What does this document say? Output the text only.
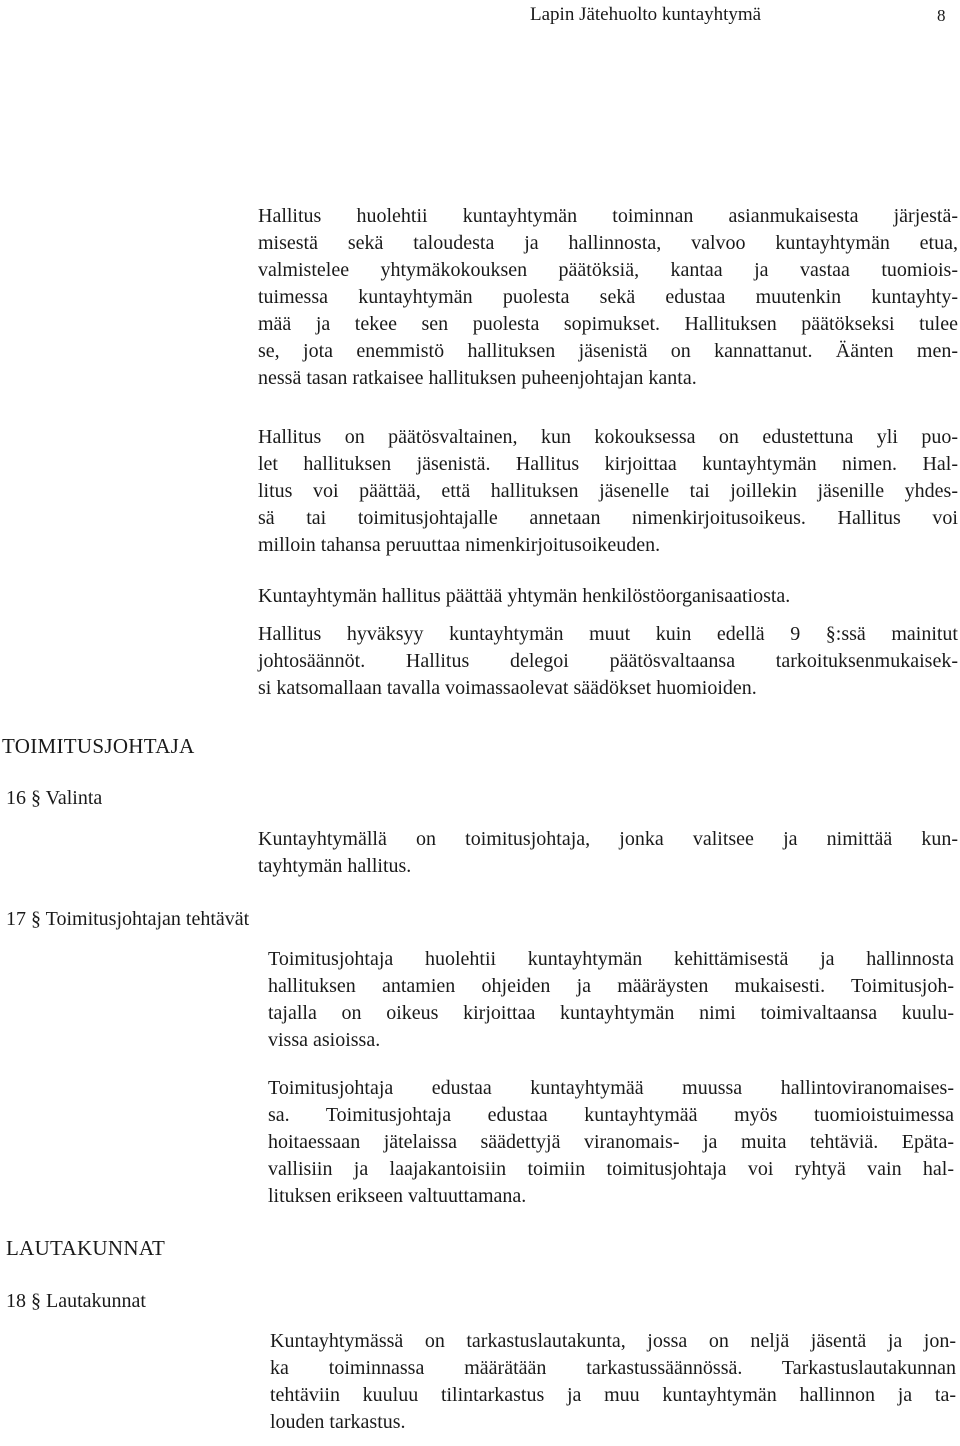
Lapin Jätehuolto kuntayhtymä	8
Hallitus huolehtii kuntayhtymän toiminnan asianmukaisesta järjestä-
misestä sekä taloudesta ja hallinnosta, valvoo kuntayhtymän etua,
valmistelee yhtymäkokouksen päätöksiä, kantaa ja vastaa tuomiois-
tuimessa kuntayhtymän puolesta sekä edustaa muutenkin kuntayhty-
mää ja tekee sen puolesta sopimukset. Hallituksen päätökseksi tulee
se, jota enemmistö hallituksen jäsenistä on kannattanut. Äänten men-
nessä tasan ratkaisee hallituksen puheenjohtajan kanta.
Hallitus on päätösvaltainen, kun kokouksessa on edustettuna yli puo-
let hallituksen jäsenistä. Hallitus kirjoittaa kuntayhtymän nimen. Hal-
litus voi päättää, että hallituksen jäsenelle tai joillekin jäsenille yhdes-
sä tai toimitusjohtajalle annetaan nimenkirjoitusoikeus. Hallitus voi
milloin tahansa peruuttaa nimenkirjoitusoikeuden.
Kuntayhtymän hallitus päättää yhtymän henkilöstöorganisaatiosta.
Hallitus hyväksyy kuntayhtymän muut kuin edellä 9 §:ssä mainitut
johtosäännöt. Hallitus delegoi päätösvaltaansa tarkoituksenmukaisek-
si katsomallaan tavalla voimassaolevat säädökset huomioiden.
TOIMITUSJOHTAJA
16 § Valinta
Kuntayhtymällä on toimitusjohtaja, jonka valitsee ja nimittää kun-
tayhtymän hallitus.
17 § Toimitusjohtajan tehtävät
Toimitusjohtaja huolehtii kuntayhtymän kehittämisestä ja hallinnosta
hallituksen antamien ohjeiden ja määräysten mukaisesti. Toimitusjoh-
tajalla on oikeus kirjoittaa kuntayhtymän nimi toimivaltaansa kuulu-
vissa asioissa.
Toimitusjohtaja edustaa kuntayhtymää muussa hallintoviranomaises-
sa. Toimitusjohtaja edustaa kuntayhtymää myös tuomioistuimessa
hoitaessaan jätelaissa säädettyjä viranomais- ja muita tehtäviä. Epäta-
vallisiin ja laajakantoisiin toimiin toimitusjohtaja voi ryhtyä vain hal-
lituksen erikseen valtuuttamana.
LAUTAKUNNAT
18 § Lautakunnat
Kuntayhtymässä on tarkastuslautakunta, jossa on neljä jäsentä ja jon-
ka toiminnassa määrätään tarkastussäännössä. Tarkastuslautakunnan
tehtäviin kuuluu tilintarkastus ja muu kuntayhtymän hallinnon ja ta-
louden tarkastus.
